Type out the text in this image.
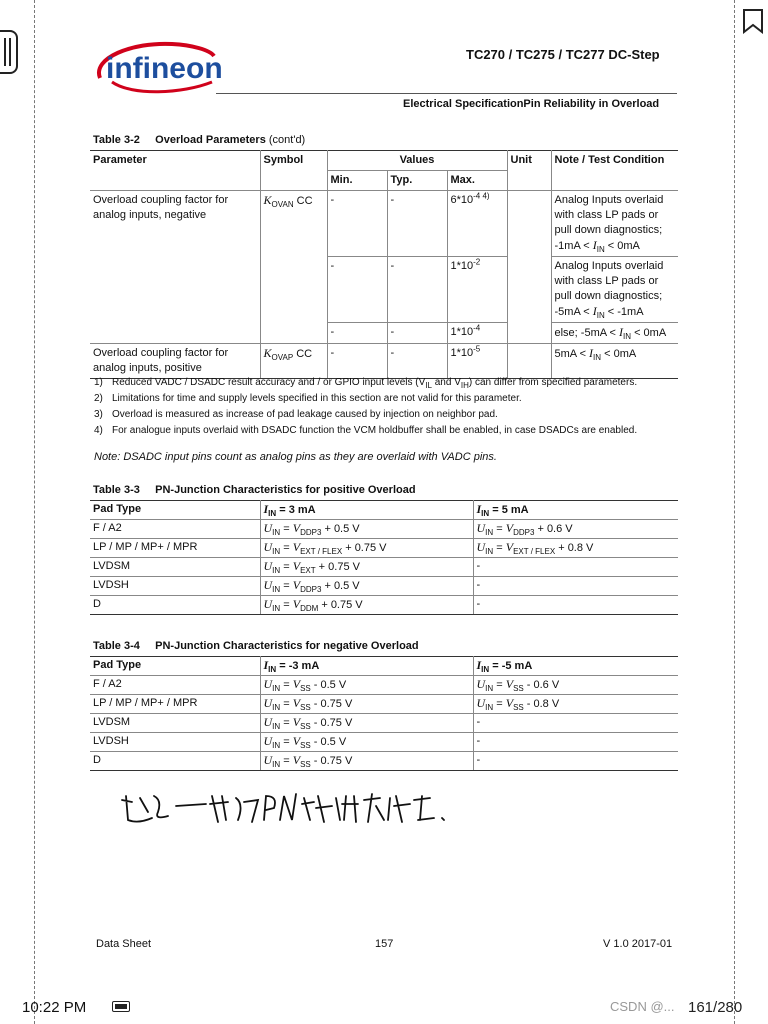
infineon	TC270 / TC275 / TC277 DC-Step
Electrical SpecificationPin Reliability in Overload
Table 3-2 Overload Parameters (cont'd)
Parameter	Symbol	Values			Unit	Note / Test Condition
		Min.	Typ.	Max.		
Overload coupling factor for analog inputs, negative	$K_{OVAN}$ CC	-	-	$6*10^{-4 4)}$		Analog Inputs overlaid with class LP pads or pull down diagnostics;
$-1mA < I_{IN} < 0mA$
		-	-	$1*10^{-2}$		Analog Inputs overlaid with class LP pads or pull down diagnostics;
$-5mA < I_{IN} < -1mA$
		-	-	$1*10^{-4}$		else; $-5mA < I_{IN} < 0mA$
Overload coupling factor for analog inputs, positive	$K_{OVAP}$ CC	-	-	$1*10^{-5}$		$5mA < I_{IN} < 0mA$
1) Reduced VADC / DSADC result accuracy and / or GPIO input levels ($V_{IL}$ and $V_{IH}$) can differ from specified parameters.
2) Limitations for time and supply levels specified in this section are not valid for this parameter.
3) Overload is measured as increase of pad leakage caused by injection on neighbor pad.
4) For analogue inputs overlaid with DSADC function the VCM holdbuffer shall be enabled, in case DSADCs are enabled.
Note: DSADC input pins count as analog pins as they are overlaid with VADC pins.
Table 3-3 PN-Junction Characteristics for positive Overload
Pad Type	$I_{IN} = 3$ mA	$I_{IN} = 5$ mA
F / A2	$U_{IN} = V_{DDP3} + 0.5$ V	$U_{IN} = V_{DDP3} + 0.6$ V
LP / MP / MP+ / MPR	$U_{IN} = V_{EXT / FLEX} + 0.75$ V	$U_{IN} = V_{EXT / FLEX} + 0.8$ V
LVDSM	$U_{IN} = V_{EXT} + 0.75$ V	-
LVDSH	$U_{IN} = V_{DDP3} + 0.5$ V	-
D	$U_{IN} = V_{DDM} + 0.75$ V	-
Table 3-4 PN-Junction Characteristics for negative Overload
Pad Type	$I_{IN} = -3$ mA	$I_{IN} = -5$ mA
F / A2	$U_{IN} = V_{SS} - 0.5$ V	$U_{IN} = V_{SS} - 0.6$ V
LP / MP / MP+ / MPR	$U_{IN} = V_{SS} - 0.75$ V	$U_{IN} = V_{SS} - 0.8$ V
LVDSM	$U_{IN} = V_{SS} - 0.75$ V	-
LVDSH	$U_{IN} = V_{SS} - 0.5$ V	-
D	$U_{IN} = V_{SS} - 0.75$ V	-
Data Sheet	157	V 1.0 2017-01
10:22 PM	CSDN @... 161/280
